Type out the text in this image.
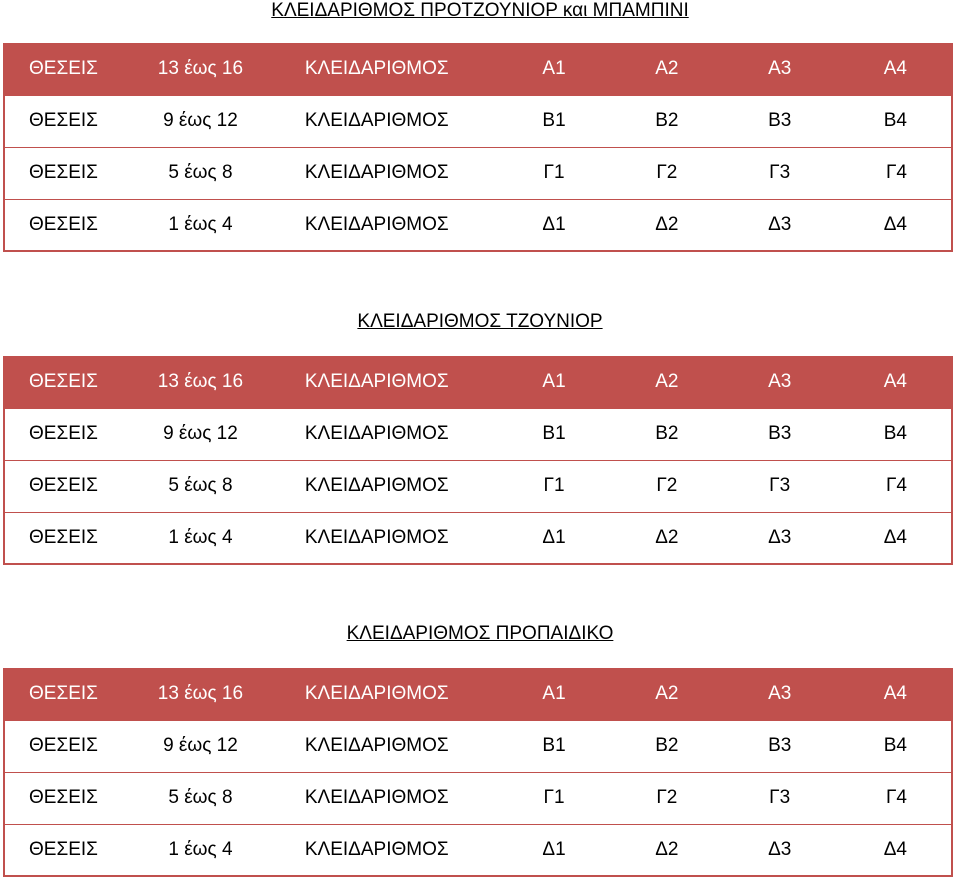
ΚΛΕΙΔΑΡΙΘΜΟΣ ΠΡΟΤΖΟΥΝΙΟΡ και ΜΠΑΜΠΙΝΙ
ΘΕΣΕΙΣ	13 έως 16	ΚΛΕΙΔΑΡΙΘΜΟΣ	Α1	Α2	Α3	Α4
ΘΕΣΕΙΣ	9 έως 12	ΚΛΕΙΔΑΡΙΘΜΟΣ	Β1	Β2	Β3	Β4
ΘΕΣΕΙΣ	5 έως 8	ΚΛΕΙΔΑΡΙΘΜΟΣ	Γ1	Γ2	Γ3	Γ4
ΘΕΣΕΙΣ	1 έως 4	ΚΛΕΙΔΑΡΙΘΜΟΣ	Δ1	Δ2	Δ3	Δ4
ΚΛΕΙΔΑΡΙΘΜΟΣ ΤΖΟΥΝΙΟΡ
ΘΕΣΕΙΣ	13 έως 16	ΚΛΕΙΔΑΡΙΘΜΟΣ	Α1	Α2	Α3	Α4
ΘΕΣΕΙΣ	9 έως 12	ΚΛΕΙΔΑΡΙΘΜΟΣ	Β1	Β2	Β3	Β4
ΘΕΣΕΙΣ	5 έως 8	ΚΛΕΙΔΑΡΙΘΜΟΣ	Γ1	Γ2	Γ3	Γ4
ΘΕΣΕΙΣ	1 έως 4	ΚΛΕΙΔΑΡΙΘΜΟΣ	Δ1	Δ2	Δ3	Δ4
ΚΛΕΙΔΑΡΙΘΜΟΣ ΠΡΟΠΑΙΔΙΚΟ
ΘΕΣΕΙΣ	13 έως 16	ΚΛΕΙΔΑΡΙΘΜΟΣ	Α1	Α2	Α3	Α4
ΘΕΣΕΙΣ	9 έως 12	ΚΛΕΙΔΑΡΙΘΜΟΣ	Β1	Β2	Β3	Β4
ΘΕΣΕΙΣ	5 έως 8	ΚΛΕΙΔΑΡΙΘΜΟΣ	Γ1	Γ2	Γ3	Γ4
ΘΕΣΕΙΣ	1 έως 4	ΚΛΕΙΔΑΡΙΘΜΟΣ	Δ1	Δ2	Δ3	Δ4
